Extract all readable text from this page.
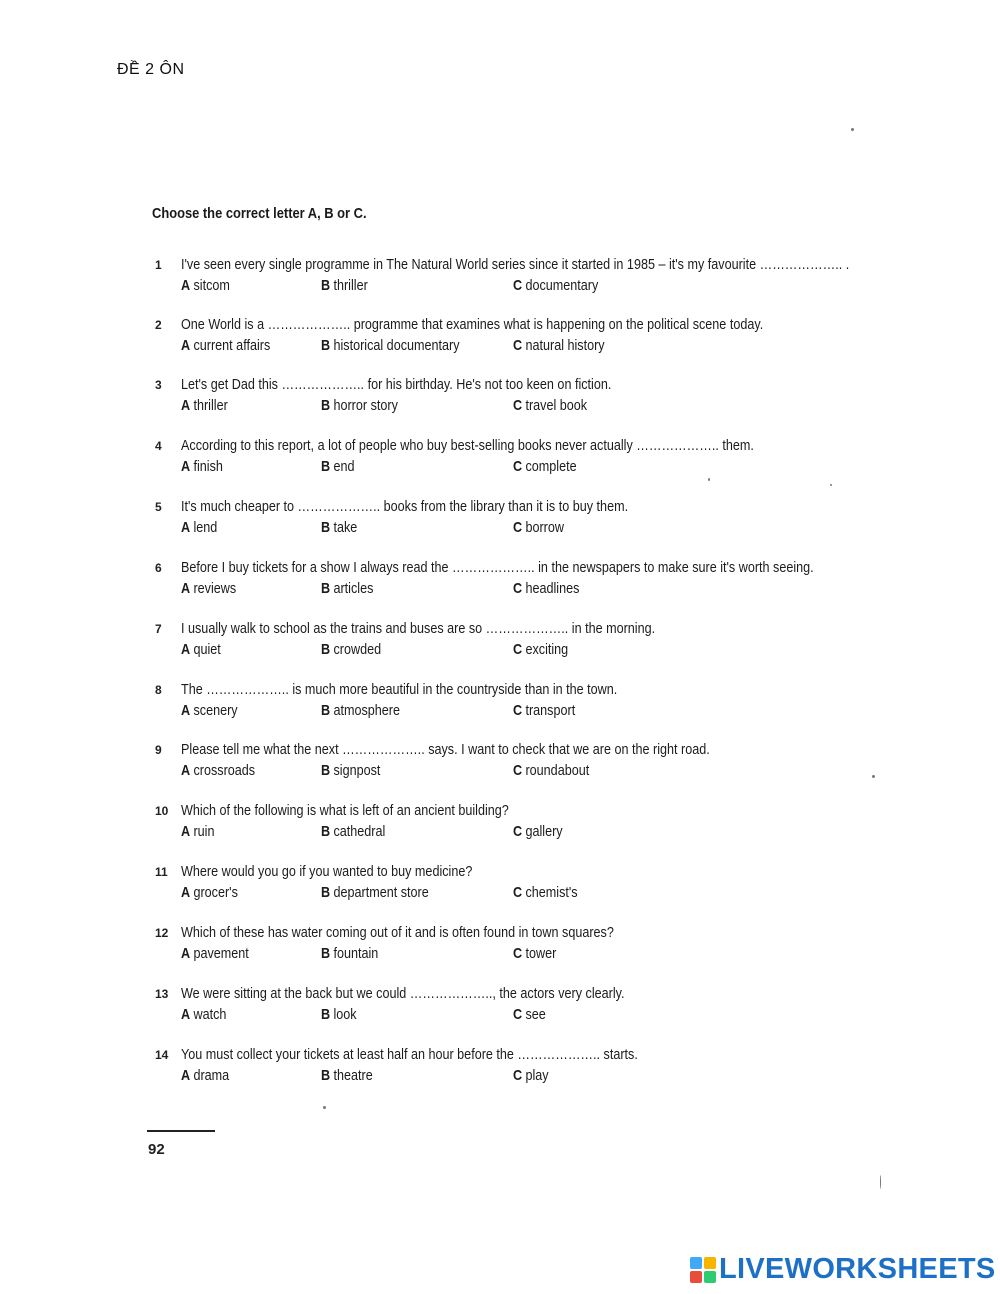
ĐỀ 2 ÔN
Choose the correct letter A, B or C.
1 I've seen every single programme in The Natural World series since it started in 1985 – it's my favourite ……………….. .
A sitcom	B thriller	C documentary
2 One World is a ……………….. programme that examines what is happening on the political scene today.
A current affairs	B historical documentary	C natural history
3 Let's get Dad this ……………….. for his birthday. He's not too keen on fiction.
A thriller	B horror story	C travel book
4 According to this report, a lot of people who buy best-selling books never actually ……………….. them.
A finish	B end	C complete
5 It's much cheaper to ……………….. books from the library than it is to buy them.
A lend	B take	C borrow
6 Before I buy tickets for a show I always read the ……………….. in the newspapers to make sure it's worth seeing.
A reviews	B articles	C headlines
7 I usually walk to school as the trains and buses are so ……………….. in the morning.
A quiet	B crowded	C exciting
8 The ……………….. is much more beautiful in the countryside than in the town.
A scenery	B atmosphere	C transport
9 Please tell me what the next ……………….. says. I want to check that we are on the right road.
A crossroads	B signpost	C roundabout
10 Which of the following is what is left of an ancient building?
A ruin	B cathedral	C gallery
11 Where would you go if you wanted to buy medicine?
A grocer's	B department store	C chemist's
12 Which of these has water coming out of it and is often found in town squares?
A pavement	B fountain	C tower
13 We were sitting at the back but we could ……………….., the actors very clearly.
A watch	B look	C see
14 You must collect your tickets at least half an hour before the ……………….. starts.
A drama	B theatre	C play
92
LIVEWORKSHEETS
